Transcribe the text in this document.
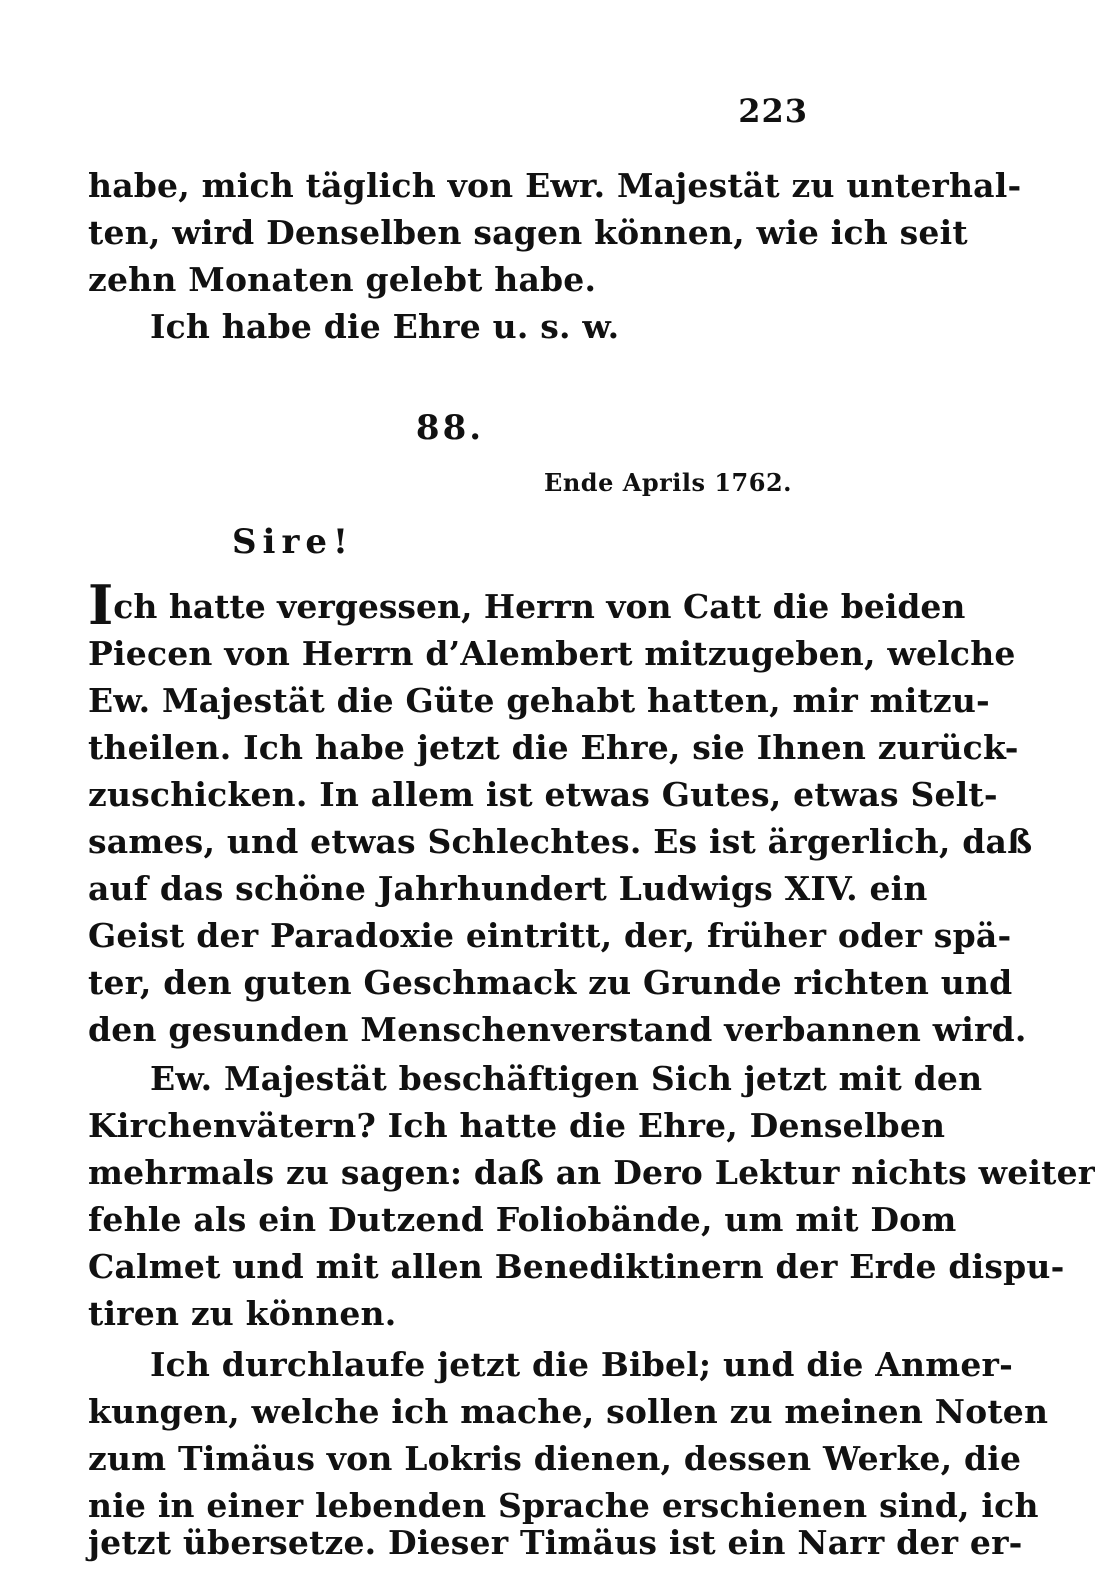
223
habe, mich täglich von Ewr. Majestät zu unterhal-
ten, wird Denselben sagen können, wie ich seit
zehn Monaten gelebt habe.
Ich habe die Ehre u. s. w.
88.
Ende Aprils 1762.
Sire!
Ich hatte vergessen, Herrn von Catt die beiden
Piecen von Herrn d’Alembert mitzugeben, welche
Ew. Majestät die Güte gehabt hatten, mir mitzu-
theilen. Ich habe jetzt die Ehre, sie Ihnen zurück-
zuschicken. In allem ist etwas Gutes, etwas Selt-
sames, und etwas Schlechtes. Es ist ärgerlich, daß
auf das schöne Jahrhundert Ludwigs XIV. ein
Geist der Paradoxie eintritt, der, früher oder spä-
ter, den guten Geschmack zu Grunde richten und
den gesunden Menschenverstand verbannen wird.
Ew. Majestät beschäftigen Sich jetzt mit den
Kirchenvätern? Ich hatte die Ehre, Denselben
mehrmals zu sagen: daß an Dero Lektur nichts weiter
fehle als ein Dutzend Foliobände, um mit Dom
Calmet und mit allen Benediktinern der Erde dispu-
tiren zu können.
Ich durchlaufe jetzt die Bibel; und die Anmer-
kungen, welche ich mache, sollen zu meinen Noten
zum Timäus von Lokris dienen, dessen Werke, die
nie in einer lebenden Sprache erschienen sind, ich
jetzt übersetze. Dieser Timäus ist ein Narr der er-
